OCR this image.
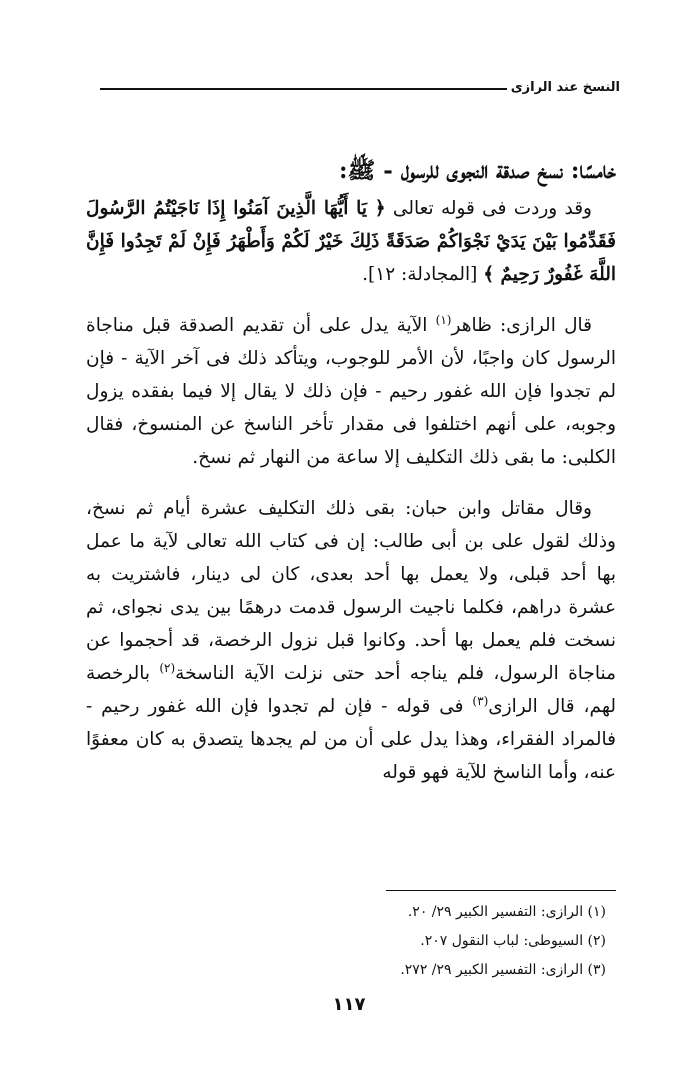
النسخ عند الرازى

خامسًا: نسخ صدقة النجوى للرسول - ﷺ:

وقد وردت فى قوله تعالى ﴿ يَا أَيُّهَا الَّذِينَ آمَنُوا إِذَا نَاجَيْتُمُ الرَّسُولَ فَقَدِّمُوا بَيْنَ يَدَيْ نَجْوَاكُمْ صَدَقَةً ذَلِكَ خَيْرٌ لَكُمْ وَأَطْهَرُ فَإِنْ لَمْ تَجِدُوا فَإِنَّ اللَّهَ غَفُورٌ رَحِيمٌ ﴾ [المجادلة: ١٢].

قال الرازى: ظاهر$^{(١)}$ الآية يدل على أن تقديم الصدقة قبل مناجاة الرسول كان واجبًا، لأن الأمر للوجوب، ويتأكد ذلك فى آخر الآية - فإن لم تجدوا فإن الله غفور رحيم - فإن ذلك لا يقال إلا فيما بفقده يزول وجوبه، على أنهم اختلفوا فى مقدار تأخر الناسخ عن المنسوخ، فقال الكلبى: ما بقى ذلك التكليف إلا ساعة من النهار ثم نسخ.

وقال مقاتل وابن حبان: بقى ذلك التكليف عشرة أيام ثم نسخ، وذلك لقول على بن أبى طالب: إن فى كتاب الله تعالى لآية ما عمل بها أحد قبلى، ولا يعمل بها أحد بعدى، كان لى دينار، فاشتريت به عشرة دراهم، فكلما ناجيت الرسول قدمت درهمًا بين يدى نجواى، ثم نسخت فلم يعمل بها أحد. وكانوا قبل نزول الرخصة، قد أحجموا عن مناجاة الرسول، فلم يناجه أحد حتى نزلت الآية الناسخة$^{(٢)}$ بالرخصة لهم، قال الرازى$^{(٣)}$ فى قوله - فإن لم تجدوا فإن الله غفور رحيم - فالمراد الفقراء، وهذا يدل على أن من لم يجدها يتصدق به كان معفوًا عنه، وأما الناسخ للآية فهو قوله

(١) الرازى: التفسير الكبير ٢٩/ ٢٠.

(٢) السيوطى: لباب النقول ٢٠٧.

(٣) الرازى: التفسير الكبير ٢٩/ ٢٧٢.

١١٧
